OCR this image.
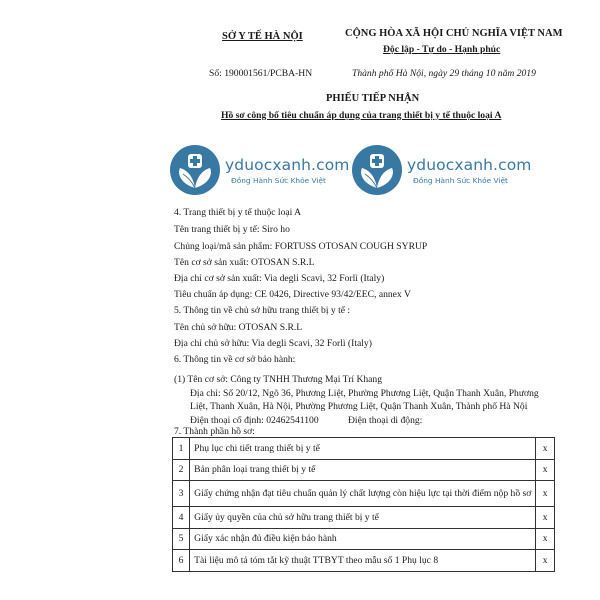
SỞ Y TẾ HÀ NỘI	CỘNG HÒA XÃ HỘI CHỦ NGHĨA VIỆT NAM
Độc lập - Tự do - Hạnh phúc
Số: 190001561/PCBA-HN	Thành phố Hà Nội, ngày 29 tháng 10 năm 2019
PHIẾU TIẾP NHẬN
Hồ sơ công bố tiêu chuẩn áp dụng của trang thiết bị y tế thuộc loại A
yduocxanh.com
Đồng Hành Sức Khỏe Việt
yduocxanh.com
Đồng Hành Sức Khỏe Việt
4. Trang thiết bị y tế thuộc loại A
Tên trang thiết bị y tế: Siro ho
Chủng loại/mã sản phẩm: FORTUSS OTOSAN COUGH SYRUP
Tên cơ sở sản xuất: OTOSAN S.R.L
Địa chỉ cơ sở sản xuất: Via degli Scavi, 32 Forlì (Italy)
Tiêu chuẩn áp dụng: CE 0426, Directive 93/42/EEC, annex V
5. Thông tin về chủ sở hữu trang thiết bị y tế :
Tên chủ sở hữu: OTOSAN S.R.L
Địa chỉ chủ sở hữu: Via degli Scavi, 32 Forlì (Italy)
6. Thông tin về cơ sở bảo hành:
(1) Tên cơ sở: Công ty TNHH Thương Mại Trí Khang
Địa chỉ: Số 20/12, Ngõ 36, Phương Liệt, Phường Phương Liệt, Quận Thanh Xuân, Phương
Liệt, Thanh Xuân, Hà Nội, Phường Phương Liệt, Quận Thanh Xuân, Thành phố Hà Nội
Điện thoại cố định: 02462541100	Điện thoại di động:
7. Thành phần hồ sơ:
1	Phụ lục chi tiết trang thiết bị y tế	x
2	Bản phân loại trang thiết bị y tế	x
3	Giấy chứng nhận đạt tiêu chuẩn quản lý chất lượng còn hiệu lực tại thời điểm nộp hồ sơ	x
4	Giấy ủy quyền của chủ sở hữu trang thiết bị y tế	x
5	Giấy xác nhận đủ điều kiện bảo hành	x
6	Tài liệu mô tả tóm tắt kỹ thuật TTBYT theo mẫu số 1 Phụ lục 8	x
